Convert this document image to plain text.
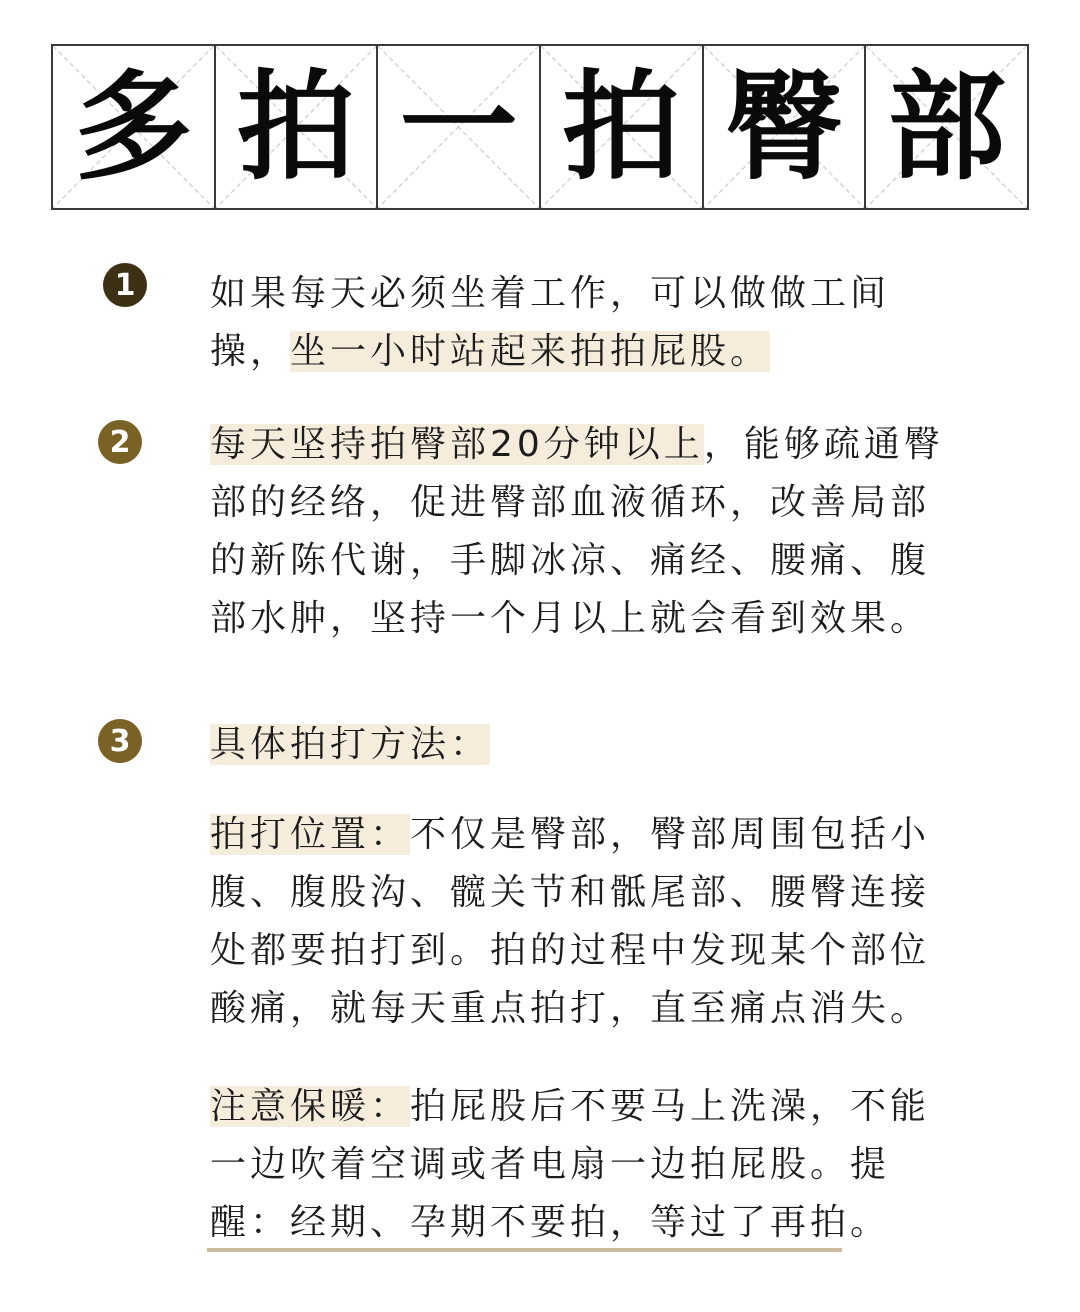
多 拍 一 拍 臀 部
1	如果每天必须坐着工作，可以做做工间操，坐一小时站起来拍拍屁股。

2	每天坚持拍臀部20分钟以上，能够疏通臀部的经络，促进臀部血液循环，改善局部的新陈代谢，手脚冰凉、痛经、腰痛、腹部水肿，坚持一个月以上就会看到效果。

3	具体拍打方法：

拍打位置：不仅是臀部，臀部周围包括小腹、腹股沟、髋关节和骶尾部、腰臀连接处都要拍打到。拍的过程中发现某个部位酸痛，就每天重点拍打，直至痛点消失。

注意保暖：拍屁股后不要马上洗澡，不能一边吹着空调或者电扇一边拍屁股。提醒：经期、孕期不要拍，等过了再拍。
